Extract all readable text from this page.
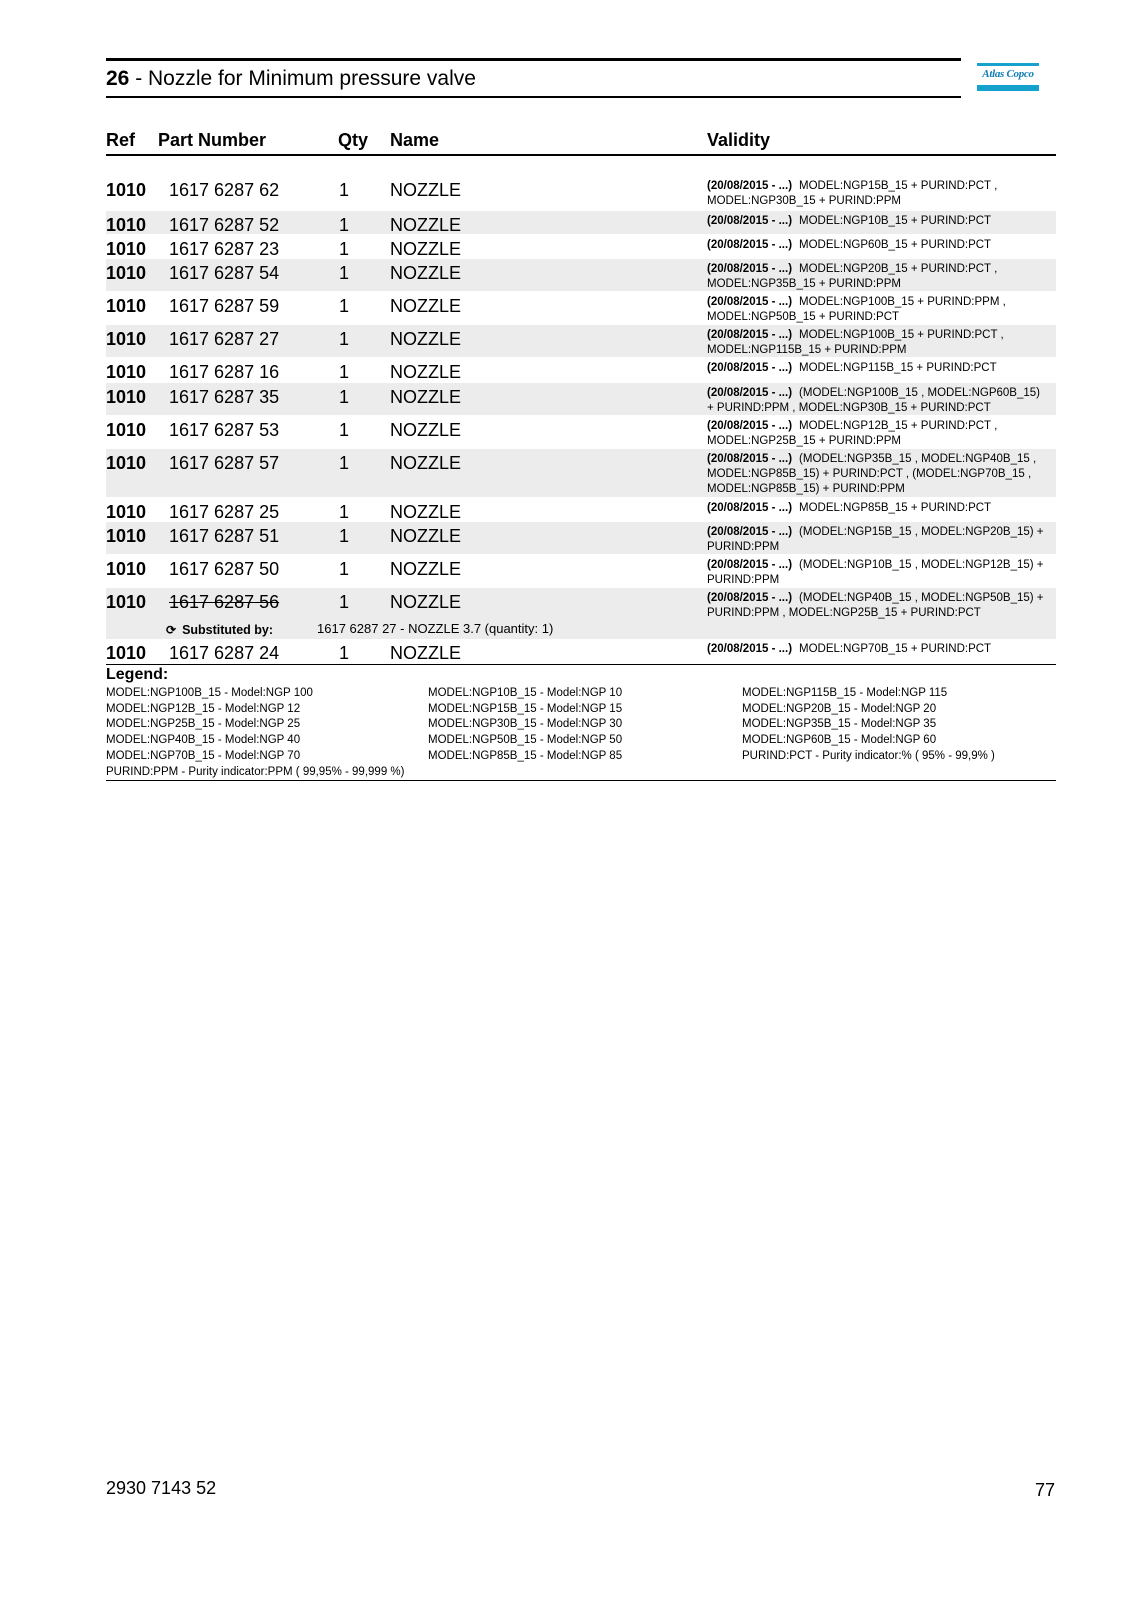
26 - Nozzle for Minimum pressure valve	Atlas Copco
Ref Part Number	Qty Name	Validity
1010 1617 6287 62	1 NOZZLE	(20/08/2015 - ...) MODEL:NGP15B_15 + PURIND:PCT , MODEL:NGP30B_15 + PURIND:PPM
1010 1617 6287 52	1 NOZZLE	(20/08/2015 - ...) MODEL:NGP10B_15 + PURIND:PCT
1010 1617 6287 23	1 NOZZLE	(20/08/2015 - ...) MODEL:NGP60B_15 + PURIND:PCT
1010 1617 6287 54	1 NOZZLE	(20/08/2015 - ...) MODEL:NGP20B_15 + PURIND:PCT , MODEL:NGP35B_15 + PURIND:PPM
1010 1617 6287 59	1 NOZZLE	(20/08/2015 - ...) MODEL:NGP100B_15 + PURIND:PPM , MODEL:NGP50B_15 + PURIND:PCT
1010 1617 6287 27	1 NOZZLE	(20/08/2015 - ...) MODEL:NGP100B_15 + PURIND:PCT , MODEL:NGP115B_15 + PURIND:PPM
1010 1617 6287 16	1 NOZZLE	(20/08/2015 - ...) MODEL:NGP115B_15 + PURIND:PCT
1010 1617 6287 35	1 NOZZLE	(20/08/2015 - ...) (MODEL:NGP100B_15 , MODEL:NGP60B_15) + PURIND:PPM , MODEL:NGP30B_15 + PURIND:PCT
1010 1617 6287 53	1 NOZZLE	(20/08/2015 - ...) MODEL:NGP12B_15 + PURIND:PCT , MODEL:NGP25B_15 + PURIND:PPM
1010 1617 6287 57	1 NOZZLE	(20/08/2015 - ...) (MODEL:NGP35B_15 , MODEL:NGP40B_15 , MODEL:NGP85B_15) + PURIND:PCT , (MODEL:NGP70B_15 , MODEL:NGP85B_15) + PURIND:PPM
1010 1617 6287 25	1 NOZZLE	(20/08/2015 - ...) MODEL:NGP85B_15 + PURIND:PCT
1010 1617 6287 51	1 NOZZLE	(20/08/2015 - ...) (MODEL:NGP15B_15 , MODEL:NGP20B_15) + PURIND:PPM
1010 1617 6287 50	1 NOZZLE	(20/08/2015 - ...) (MODEL:NGP10B_15 , MODEL:NGP12B_15) + PURIND:PPM
1010 1617 6287 56	1 NOZZLE	(20/08/2015 - ...) (MODEL:NGP40B_15 , MODEL:NGP50B_15) + PURIND:PPM , MODEL:NGP25B_15 + PURIND:PCT
1010 1617 6287 24	1 NOZZLE	(20/08/2015 - ...) MODEL:NGP70B_15 + PURIND:PCT
⟳ Substituted by:	1617 6287 27 - NOZZLE 3.7 (quantity: 1)
Legend:
MODEL:NGP100B_15 - Model:NGP 100
MODEL:NGP12B_15 - Model:NGP 12
MODEL:NGP25B_15 - Model:NGP 25
MODEL:NGP40B_15 - Model:NGP 40
MODEL:NGP70B_15 - Model:NGP 70
PURIND:PPM - Purity indicator:PPM ( 99,95% - 99,999 %)
MODEL:NGP10B_15 - Model:NGP 10
MODEL:NGP15B_15 - Model:NGP 15
MODEL:NGP30B_15 - Model:NGP 30
MODEL:NGP50B_15 - Model:NGP 50
MODEL:NGP85B_15 - Model:NGP 85
MODEL:NGP115B_15 - Model:NGP 115
MODEL:NGP20B_15 - Model:NGP 20
MODEL:NGP35B_15 - Model:NGP 35
MODEL:NGP60B_15 - Model:NGP 60
PURIND:PCT - Purity indicator:% ( 95% - 99,9% )
2930 7143 52	77
